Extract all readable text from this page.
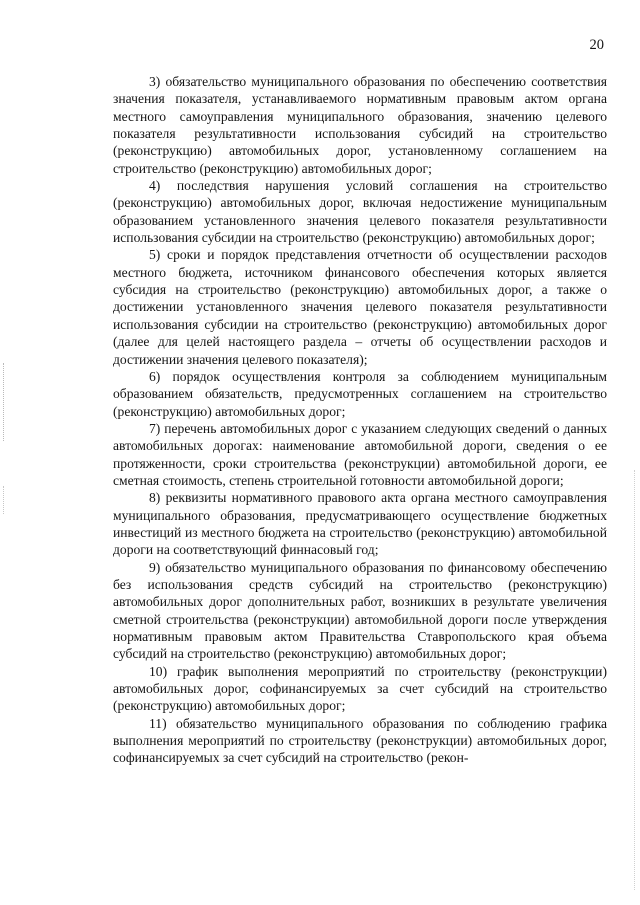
20

3) обязательство муниципального образования по обеспечению соответствия значения показателя, устанавливаемого нормативным правовым актом органа местного самоуправления муниципального образования, значению целевого показателя результативности использования субсидий на строительство (реконструкцию) автомобильных дорог, установленному соглашением на строительство (реконструкцию) автомобильных дорог;

4) последствия нарушения условий соглашения на строительство (реконструкцию) автомобильных дорог, включая недостижение муниципальным образованием установленного значения целевого показателя результативности использования субсидии на строительство (реконструкцию) автомобильных дорог;

5) сроки и порядок представления отчетности об осуществлении расходов местного бюджета, источником финансового обеспечения которых является субсидия на строительство (реконструкцию) автомобильных дорог, а также о достижении установленного значения целевого показателя результативности использования субсидии на строительство (реконструкцию) автомобильных дорог (далее для целей настоящего раздела – отчеты об осуществлении расходов и достижении значения целевого показателя);

6) порядок осуществления контроля за соблюдением муниципальным образованием обязательств, предусмотренных соглашением на строительство (реконструкцию) автомобильных дорог;

7) перечень автомобильных дорог с указанием следующих сведений о данных автомобильных дорогах: наименование автомобильной дороги, сведения о ее протяженности, сроки строительства (реконструкции) автомобильной дороги, ее сметная стоимость, степень строительной готовности автомобильной дороги;

8) реквизиты нормативного правового акта органа местного самоуправления муниципального образования, предусматривающего осуществление бюджетных инвестиций из местного бюджета на строительство (реконструкцию) автомобильной дороги на соответствующий финнасовый год;

9) обязательство муниципального образования по финансовому обеспечению без использования средств субсидий на строительство (реконструкцию) автомобильных дорог дополнительных работ, возникших в результате увеличения сметной строительства (реконструкции) автомобильной дороги после утверждения нормативным правовым актом Правительства Ставропольского края объема субсидий на строительство (реконструкцию) автомобильных дорог;

10) график выполнения мероприятий по строительству (реконструкции) автомобильных дорог, софинансируемых за счет субсидий на строительство (реконструкцию) автомобильных дорог;

11) обязательство муниципального образования по соблюдению графика выполнения мероприятий по строительству (реконструкции) автомобильных дорог, софинансируемых за счет субсидий на строительство (рекон-
